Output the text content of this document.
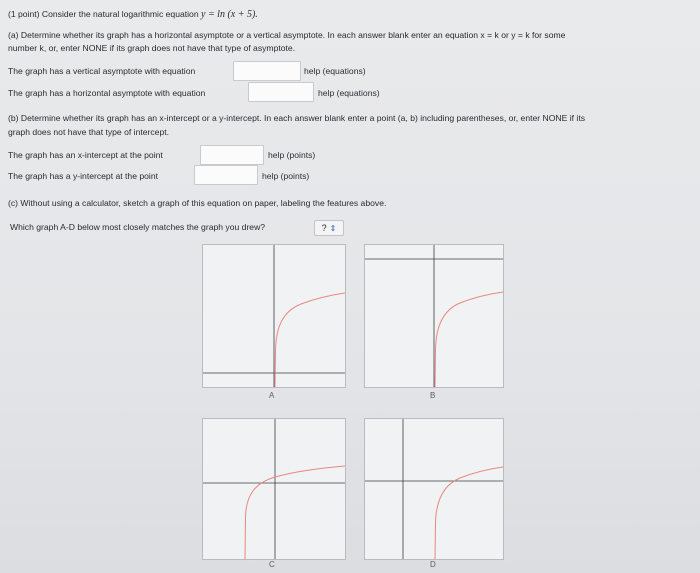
(1 point) Consider the natural logarithmic equation y = ln (x + 5).
(a) Determine whether its graph has a horizontal asymptote or a vertical asymptote. In each answer blank enter an equation x = k or y = k for some
number k, or, enter NONE if its graph does not have that type of asymptote.
The graph has a vertical asymptote with equation	help (equations)
The graph has a horizontal asymptote with equation	help (equations)
(b) Determine whether its graph has an x-intercept or a y-intercept. In each answer blank enter a point (a, b) including parentheses, or, enter NONE if its
graph does not have that type of intercept.
The graph has an x-intercept at the point	help (points)
The graph has a y-intercept at the point	help (points)
(c) Without using a calculator, sketch a graph of this equation on paper, labeling the features above.
Which graph A-D below most closely matches the graph you drew?	? ⇕
A	B
C	D
